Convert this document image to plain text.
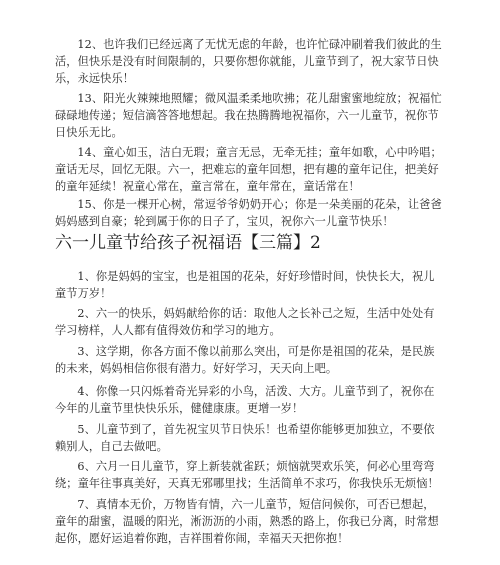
12、也许我们已经远离了无忧无虑的年龄，也许忙碌冲刷着我们彼此的生活，但快乐是没有时间限制的，只要你想你就能，儿童节到了，祝大家节日快乐，永远快乐！

13、阳光火辣辣地照耀；微风温柔柔地吹拂；花儿甜蜜蜜地绽放；祝福忙碌碌地传递；短信滴答答地想起。我在热腾腾地祝福你，六一儿童节，祝你节日快乐无比。

14、童心如玉，洁白无瑕；童言无忌，无牵无挂；童年如歌，心中吟唱；童话无尽，回忆无限。六一，把难忘的童年回想，把有趣的童年记住，把美好的童年延续！祝童心常在，童言常在，童年常在，童话常在！

15、你是一棵开心树，常逗爷爷奶奶开心；你是一朵美丽的花朵，让爸爸妈妈感到自豪；轮到属于你的日子了，宝贝，祝你六一儿童节快乐！

六一儿童节给孩子祝福语【三篇】2

1、你是妈妈的宝宝，也是祖国的花朵，好好珍惜时间，快快长大，祝儿童节万岁！

2、六一的快乐，妈妈献给你的话：取他人之长补己之短，生活中处处有学习榜样，人人都有值得效仿和学习的地方。

3、这学期，你各方面不像以前那么突出，可是你是祖国的花朵，是民族的未来，妈妈相信你很有潜力。好好学习，天天向上吧。

4、你像一只闪烁着奇光异彩的小鸟，活泼、大方。儿童节到了，祝你在今年的儿童节里快快乐乐，健健康康。更增一岁！

5、儿童节到了，首先祝宝贝节日快乐！也希望你能够更加独立，不要依赖别人，自己去做吧。

6、六月一日儿童节，穿上新装就雀跃；烦恼就哭欢乐笑，何必心里弯弯绕；童年往事真美好，天真无邪哪里找；生活简单不求巧，你我快乐无烦恼！

7、真情本无价，万物皆有情，六一儿童节，短信问候你，可否已想起，童年的甜蜜，温暖的阳光，淅沥沥的小雨，熟悉的路上，你我已分离，时常想起你，愿好运追着你跑，吉祥围着你闹，幸福天天把你抱！
